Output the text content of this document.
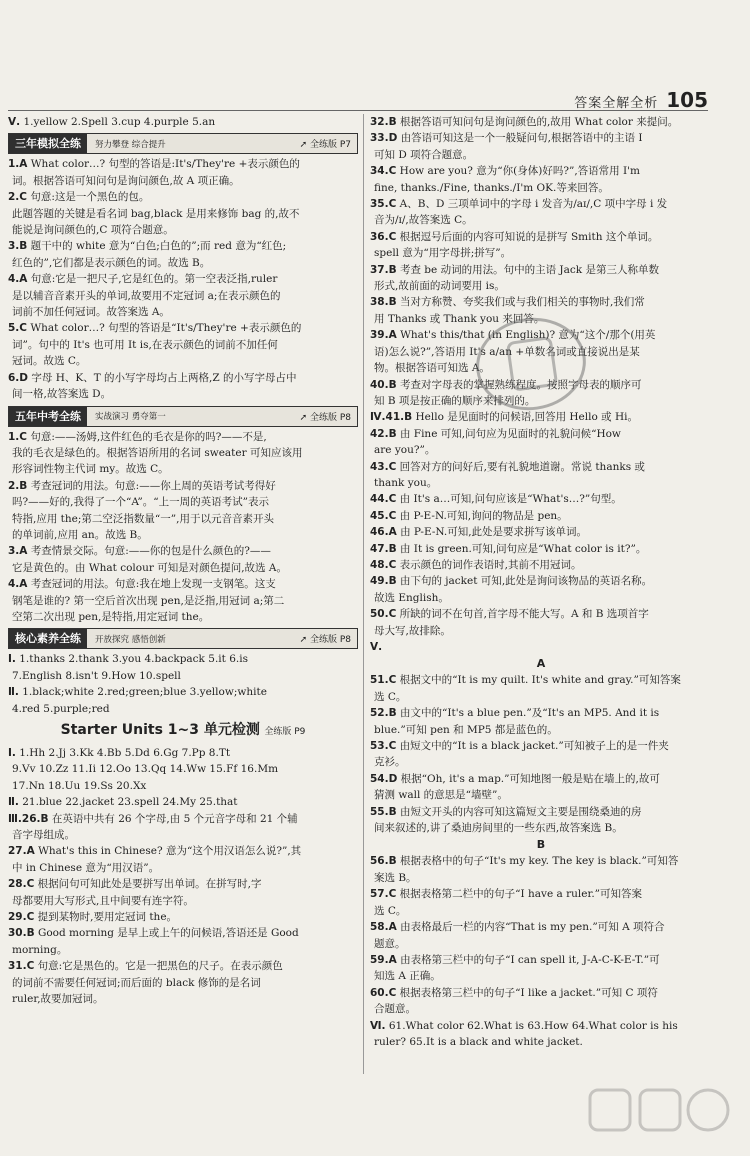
答案全解全析 105
Ⅴ. 1.yellow 2.Spell 3.cup 4.purple 5.an
三年模拟全练	努力攀登 综合提升	➚ 全练版 P7
1.A What color…? 句型的答语是:It's/They're +表示颜色的
词。根据答语可知问句是询问颜色,故 A 项正确。
2.C 句意:这是一个黑色的包。
此题答题的关键是看名词 bag,black 是用来修饰 bag 的,故不
能说是询问颜色的,C 项符合题意。
3.B 题干中的 white 意为“白色;白色的”;而 red 意为“红色;
红色的”,它们都是表示颜色的词。故选 B。
4.A 句意:它是一把尺子,它是红色的。第一空表泛指,ruler
是以辅音音素开头的单词,故要用不定冠词 a;在表示颜色的
词前不加任何冠词。故答案选 A。
5.C What color…? 句型的答语是“It's/They're +表示颜色的
词”。句中的 It's 也可用 It is,在表示颜色的词前不加任何
冠词。故选 C。
6.D 字母 H、K、T 的小写字母均占上两格,Z 的小写字母占中
间一格,故答案选 D。
五年中考全练	实战演习 勇夺第一	➚ 全练版 P8
1.C 句意:——汤姆,这件红色的毛衣是你的吗?——不是,
我的毛衣是绿色的。根据答语所用的名词 sweater 可知应该用
形容词性物主代词 my。故选 C。
2.B 考查冠词的用法。句意:——你上周的英语考试考得好
吗?——好的,我得了一个“A”。“上一周的英语考试”表示
特指,应用 the;第二空泛指数量“一”,用于以元音音素开头
的单词前,应用 an。故选 B。
3.A 考查情景交际。句意:——你的包是什么颜色的?——
它是黄色的。由 What colour 可知是对颜色提问,故选 A。
4.A 考查冠词的用法。句意:我在地上发现一支钢笔。这支
钢笔是谁的? 第一空后首次出现 pen,是泛指,用冠词 a;第二
空第二次出现 pen,是特指,用定冠词 the。
核心素养全练	开放探究 感悟创新	➚ 全练版 P8
Ⅰ. 1.thanks 2.thank 3.you 4.backpack 5.it 6.is
7.English 8.isn't 9.How 10.spell
Ⅱ. 1.black;white 2.red;green;blue 3.yellow;white
4.red 5.purple;red
Starter Units 1~3 单元检测 全练版 P9
Ⅰ. 1.Hh 2.Jj 3.Kk 4.Bb 5.Dd 6.Gg 7.Pp 8.Tt
9.Vv 10.Zz 11.Ii 12.Oo 13.Qq 14.Ww 15.Ff 16.Mm
17.Nn 18.Uu 19.Ss 20.Xx
Ⅱ. 21.blue 22.jacket 23.spell 24.My 25.that
Ⅲ.26.B 在英语中共有 26 个字母,由 5 个元音字母和 21 个辅
音字母组成。
27.A What's this in Chinese? 意为“这个用汉语怎么说?”,其
中 in Chinese 意为“用汉语”。
28.C 根据问句可知此处是要拼写出单词。在拼写时,字
母都要用大写形式,且中间要有连字符。
29.C 提到某物时,要用定冠词 the。
30.B Good morning 是早上或上午的问候语,答语还是 Good
morning。
31.C 句意:它是黑色的。它是一把黑色的尺子。在表示颜色
的词前不需要任何冠词;而后面的 black 修饰的是名词
ruler,故要加冠词。
32.B 根据答语可知问句是询问颜色的,故用 What color 来提问。
33.D 由答语可知这是一个一般疑问句,根据答语中的主语 I
可知 D 项符合题意。
34.C How are you? 意为“你(身体)好吗?”,答语常用 I'm
fine, thanks./Fine, thanks./I'm OK.等来回答。
35.C A、B、D 三项单词中的字母 i 发音为/aɪ/,C 项中字母 i 发
音为/ɪ/,故答案选 C。
36.C 根据逗号后面的内容可知说的是拼写 Smith 这个单词。
spell 意为“用字母拼;拼写”。
37.B 考查 be 动词的用法。句中的主语 Jack 是第三人称单数
形式,故前面的动词要用 is。
38.B 当对方称赞、夸奖我们或与我们相关的事物时,我们常
用 Thanks 或 Thank you 来回答。
39.A What's this/that (in English)? 意为“这个/那个(用英
语)怎么说?”,答语用 It's a/an +单数名词或直接说出是某
物。根据答语可知选 A。
40.B 考查对字母表的掌握熟练程度。按照字母表的顺序可
知 B 项是按正确的顺序来排列的。
Ⅳ.41.B Hello 是见面时的问候语,回答用 Hello 或 Hi。
42.B 由 Fine 可知,问句应为见面时的礼貌问候“How
are you?”。
43.C 回答对方的问好后,要有礼貌地道谢。常说 thanks 或
thank you。
44.C 由 It's a…可知,问句应该是“What's…?”句型。
45.C 由 P-E-N.可知,询问的物品是 pen。
46.A 由 P-E-N.可知,此处是要求拼写该单词。
47.B 由 It is green.可知,问句应是“What color is it?”。
48.C 表示颜色的词作表语时,其前不用冠词。
49.B 由下句的 jacket 可知,此处是询问该物品的英语名称。
故选 English。
50.C 所缺的词不在句首,首字母不能大写。A 和 B 选项首字
母大写,故排除。
Ⅴ.
A
51.C 根据文中的“It is my quilt. It's white and gray.”可知答案
选 C。
52.B 由文中的“It's a blue pen.”及“It's an MP5. And it is
blue.”可知 pen 和 MP5 都是蓝色的。
53.C 由短文中的“It is a black jacket.”可知被子上的是一件夹
克衫。
54.D 根据“Oh, it's a map.”可知地图一般是贴在墙上的,故可
猜测 wall 的意思是“墙壁”。
55.B 由短文开头的内容可知这篇短文主要是围绕桑迪的房
间来叙述的,讲了桑迪房间里的一些东西,故答案选 B。
B
56.B 根据表格中的句子“It's my key. The key is black.”可知答
案选 B。
57.C 根据表格第二栏中的句子“I have a ruler.”可知答案
选 C。
58.A 由表格最后一栏的内容“That is my pen.”可知 A 项符合
题意。
59.A 由表格第三栏中的句子“I can spell it, J-A-C-K-E-T.”可
知选 A 正确。
60.C 根据表格第三栏中的句子“I like a jacket.”可知 C 项符
合题意。
Ⅵ. 61.What color 62.What is 63.How 64.What color is his
ruler? 65.It is a black and white jacket.
